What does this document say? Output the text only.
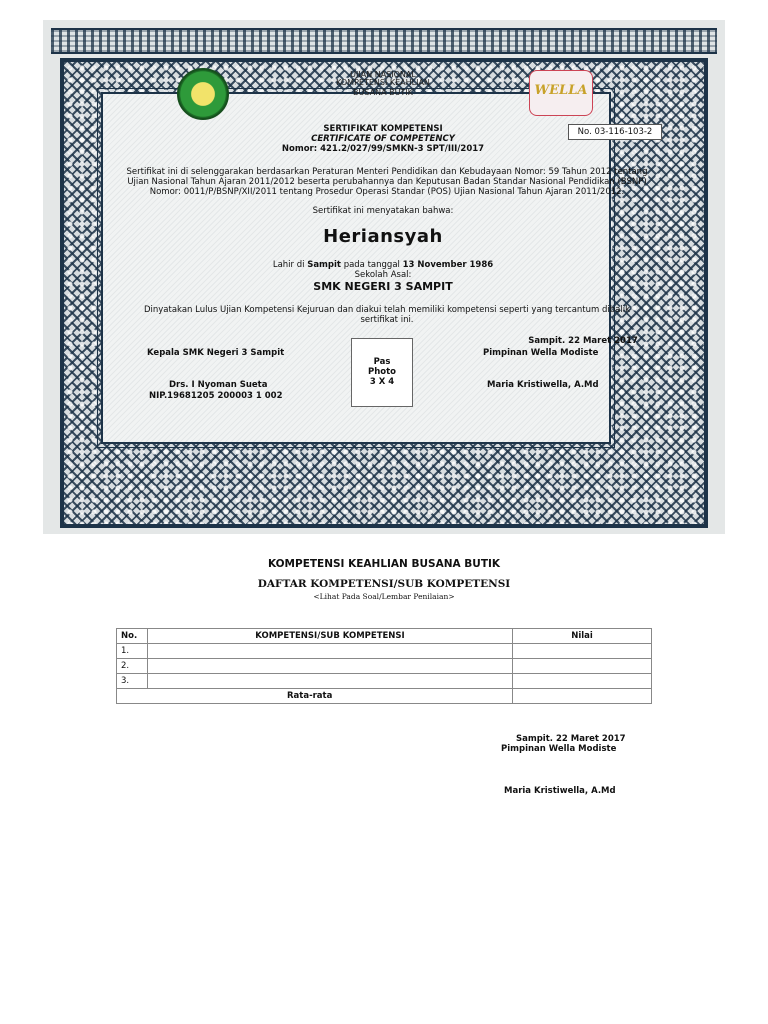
WELLA
UJIAN NASIONAL
KOMPETENSI KEAHLIAN
BUSANA BUTIK
No. 03-116-103-2
SERTIFIKAT KOMPETENSI
CERTIFICATE OF COMPETENCY
Nomor: 421.2/027/99/SMKN-3 SPT/III/2017
Sertifikat ini di selenggarakan berdasarkan Peraturan Menteri Pendidikan dan Kebudayaan Nomor: 59 Tahun 2012 tentang
Ujian Nasional Tahun Ajaran 2011/2012 beserta perubahannya dan Keputusan Badan Standar Nasional Pendidikan (BSNP)
Nomor: 0011/P/BSNP/XII/2011 tentang Prosedur Operasi Standar (POS) Ujian Nasional Tahun Ajaran 2011/2012.
Sertifikat ini menyatakan bahwa:
Heriansyah
Lahir di Sampit pada tanggal 13 November 1986
Sekolah Asal:
SMK NEGERI 3 SAMPIT
Dinyatakan Lulus Ujian Kompetensi Kejuruan dan diakui telah memiliki kompetensi seperti yang tercantum dibalik
sertifikat ini.
Sampit. 22 Maret 2017
Kepala SMK Negeri 3 Sampit
Drs. I Nyoman Sueta
NIP.19681205 200003 1 002
Pas
Photo
3 X 4
Pimpinan Wella Modiste
Maria Kristiwella, A.Md
KOMPETENSI KEAHLIAN BUSANA BUTIK
DAFTAR KOMPETENSI/SUB KOMPETENSI
<Lihat Pada Soal/Lembar Penilaian>
No.	KOMPETENSI/SUB KOMPETENSI	Nilai
1.		
2.		
3.		
Rata-rata		
Sampit. 22 Maret 2017
Pimpinan Wella Modiste
Maria Kristiwella, A.Md
